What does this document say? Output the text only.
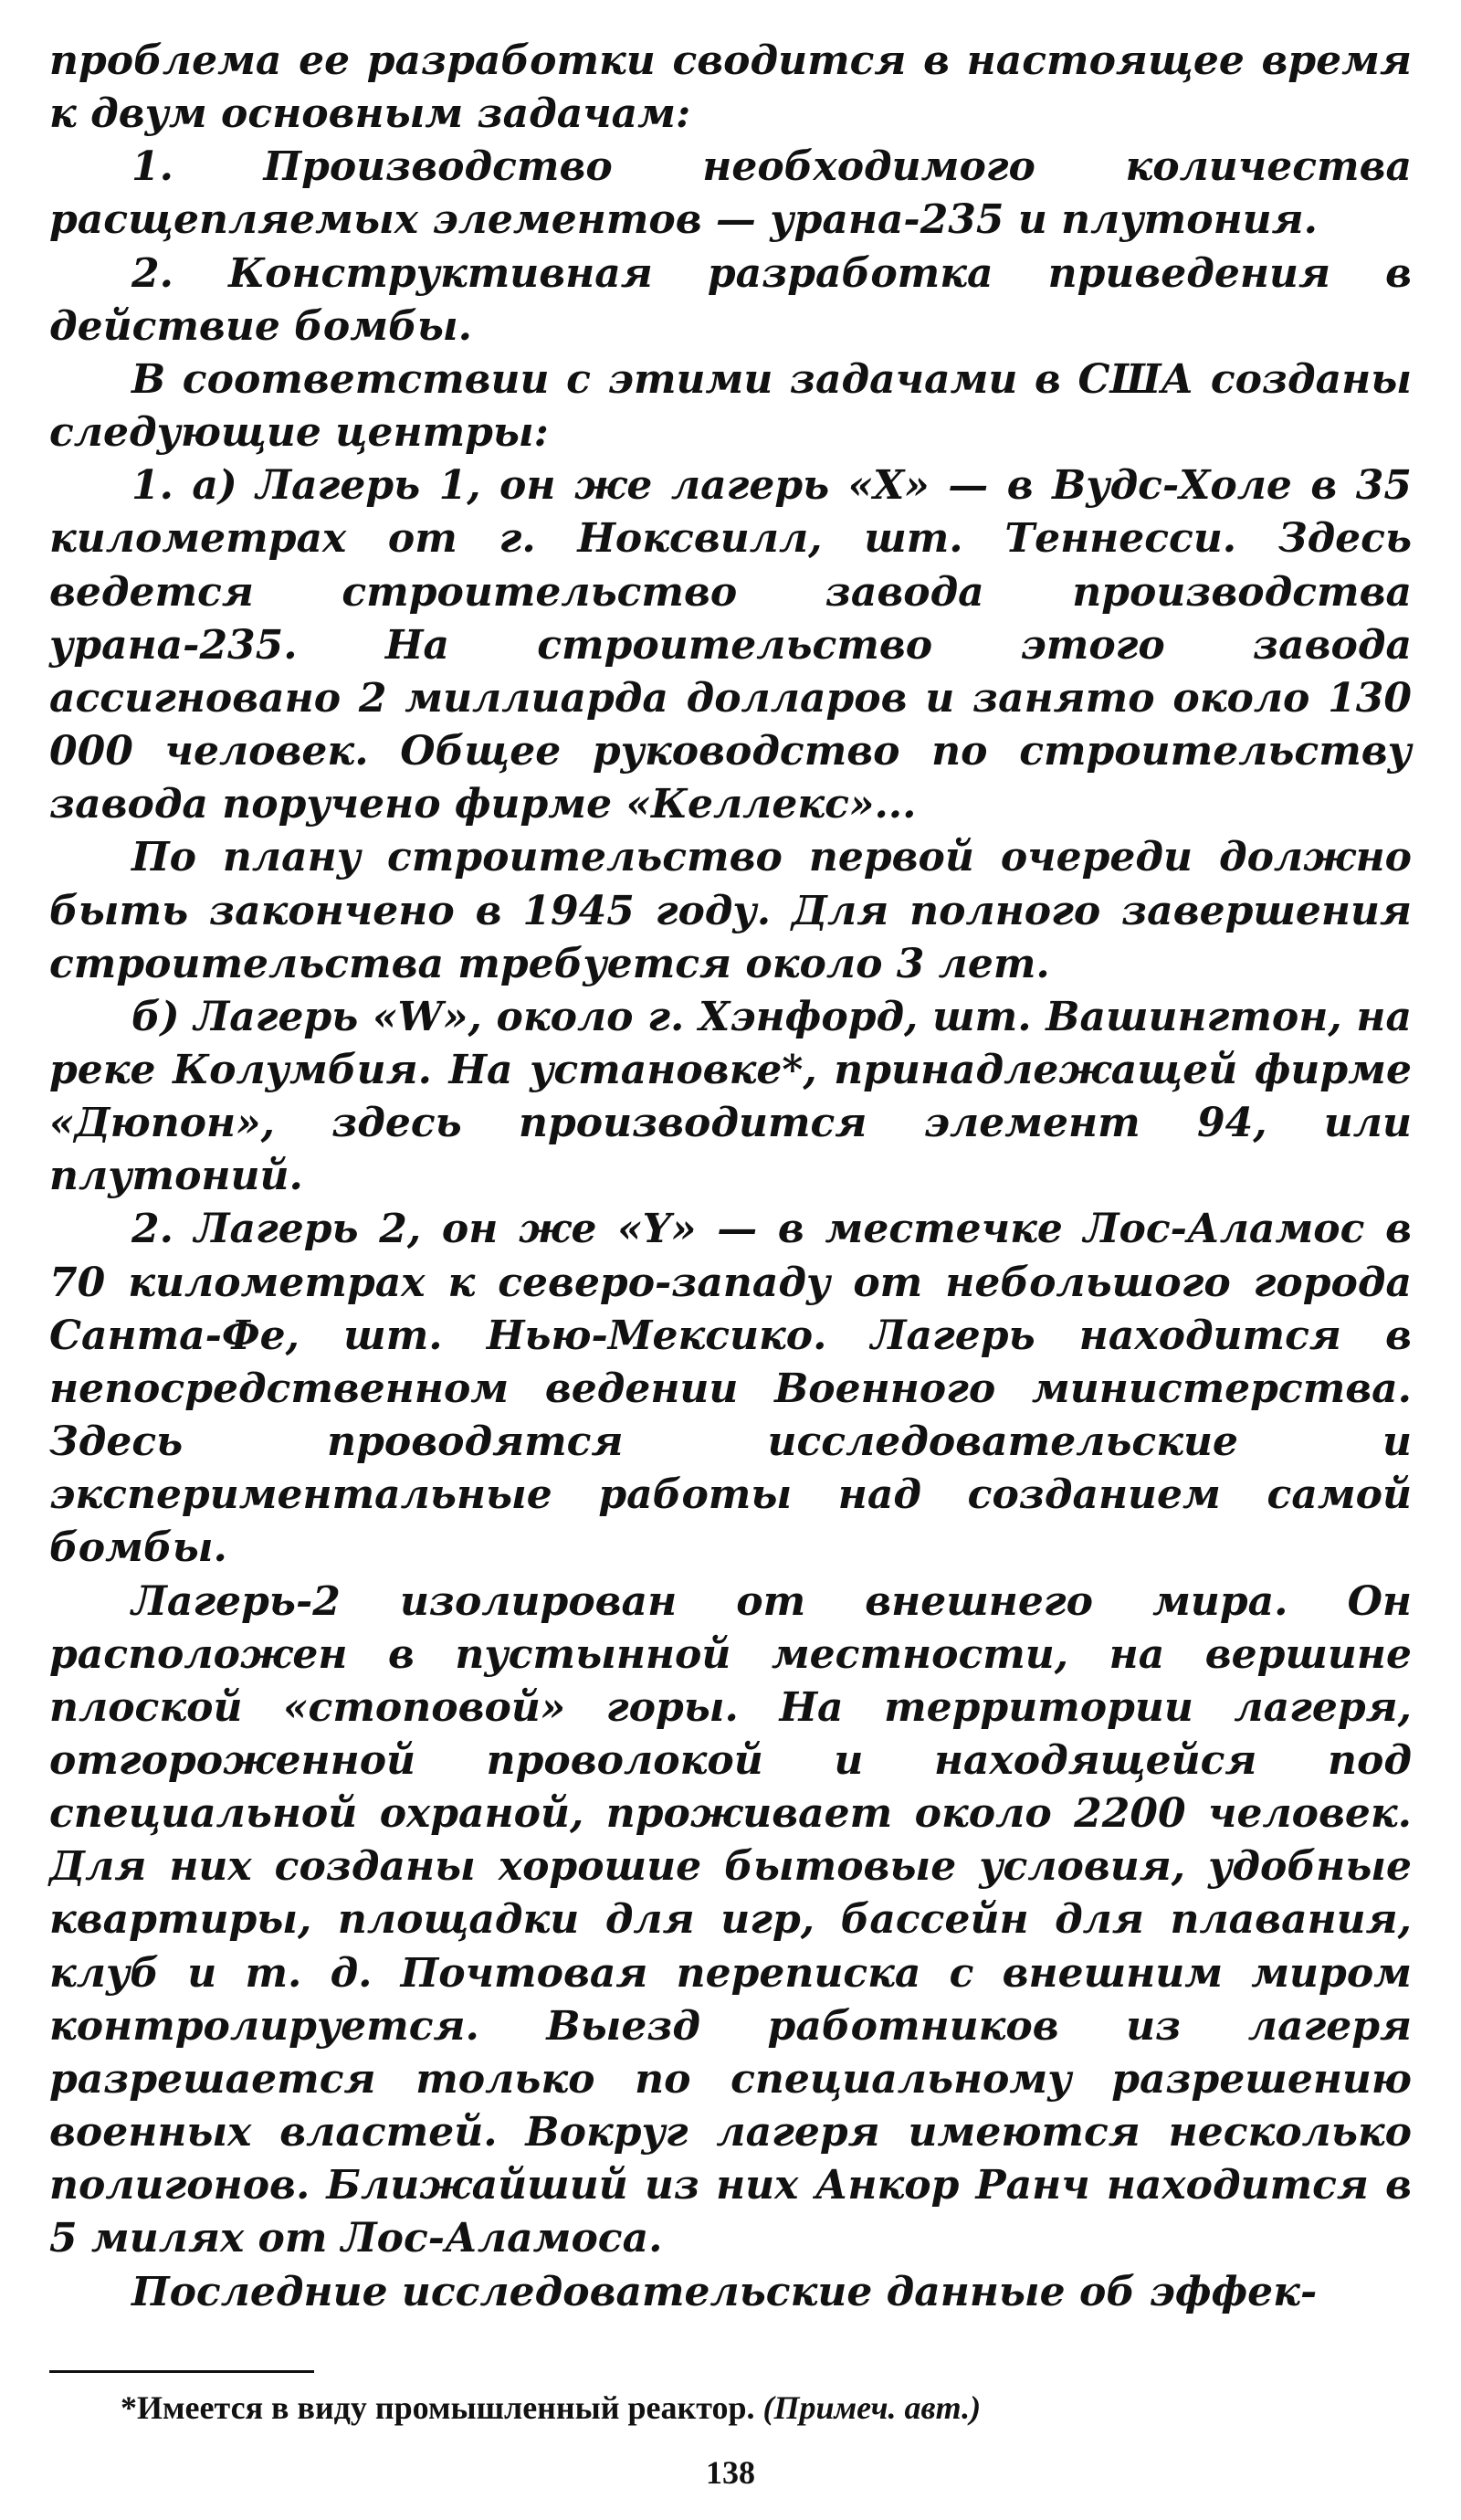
проблема ее разработки сводится в настоящее время к двум основным задачам:

1. Производство необходимого количества расщепляемых элементов — урана-235 и плутония.

2. Конструктивная разработка приведения в действие бомбы.

В соответствии с этими задачами в США созданы следующие центры:

1. а) Лагерь 1, он же лагерь «Х» — в Вудс-Холе в 35 километрах от г. Ноксвилл, шт. Теннесси. Здесь ведется строительство завода производства урана-235. На строительство этого завода ассигновано 2 миллиарда долларов и занято около 130 000 человек. Общее руководство по строительству завода поручено фирме «Келлекс»...

По плану строительство первой очереди должно быть закончено в 1945 году. Для полного завершения строительства требуется около 3 лет.

б) Лагерь «W», около г. Хэнфорд, шт. Вашингтон, на реке Колумбия. На установке*, принадлежащей фирме «Дюпон», здесь производится элемент 94, или плутоний.

2. Лагерь 2, он же «Y» — в местечке Лос-Аламос в 70 километрах к северо-западу от небольшого города Санта-Фе, шт. Нью-Мексико. Лагерь находится в непосредственном ведении Военного министерства. Здесь проводятся исследовательские и экспериментальные работы над созданием самой бомбы.

Лагерь-2 изолирован от внешнего мира. Он расположен в пустынной местности, на вершине плоской «стоповой» горы. На территории лагеря, отгороженной проволокой и находящейся под специальной охраной, проживает около 2200 человек. Для них созданы хорошие бытовые условия, удобные квартиры, площадки для игр, бассейн для плавания, клуб и т. д. Почтовая переписка с внешним миром контролируется. Выезд работников из лагеря разрешается только по специальному разрешению военных властей. Вокруг лагеря имеются несколько полигонов. Ближайший из них Анкор Ранч находится в 5 милях от Лос-Аламоса.

Последние исследовательские данные об эффек-

*Имеется в виду промышленный реактор. (Примеч. авт.)
138
